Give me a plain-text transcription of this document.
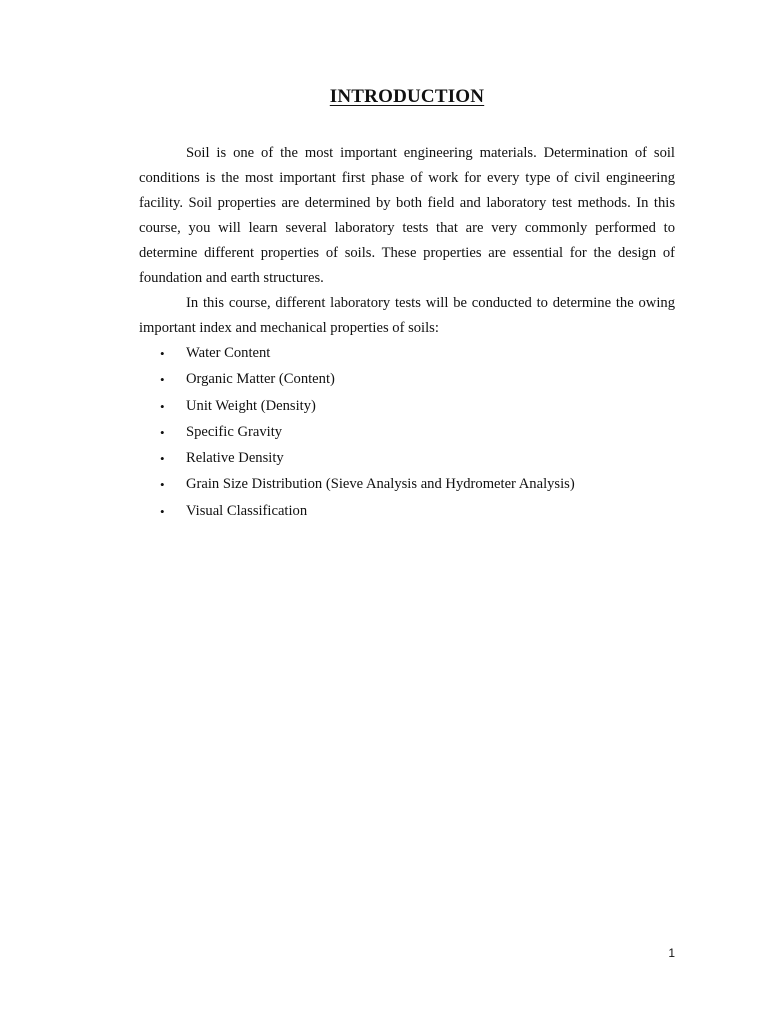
INTRODUCTION

Soil is one of the most important engineering materials. Determination of soil conditions is the most important first phase of work for every type of civil engineering facility. Soil properties are determined by both field and laboratory test methods. In this course, you will learn several laboratory tests that are very commonly performed to determine different properties of soils. These properties are essential for the design of foundation and earth structures.

In this course, different laboratory tests will be conducted to determine the owing important index and mechanical properties of soils:

• Water Content
• Organic Matter (Content)
• Unit Weight (Density)
• Specific Gravity
• Relative Density
• Grain Size Distribution (Sieve Analysis and Hydrometer Analysis)
• Visual Classification
1
